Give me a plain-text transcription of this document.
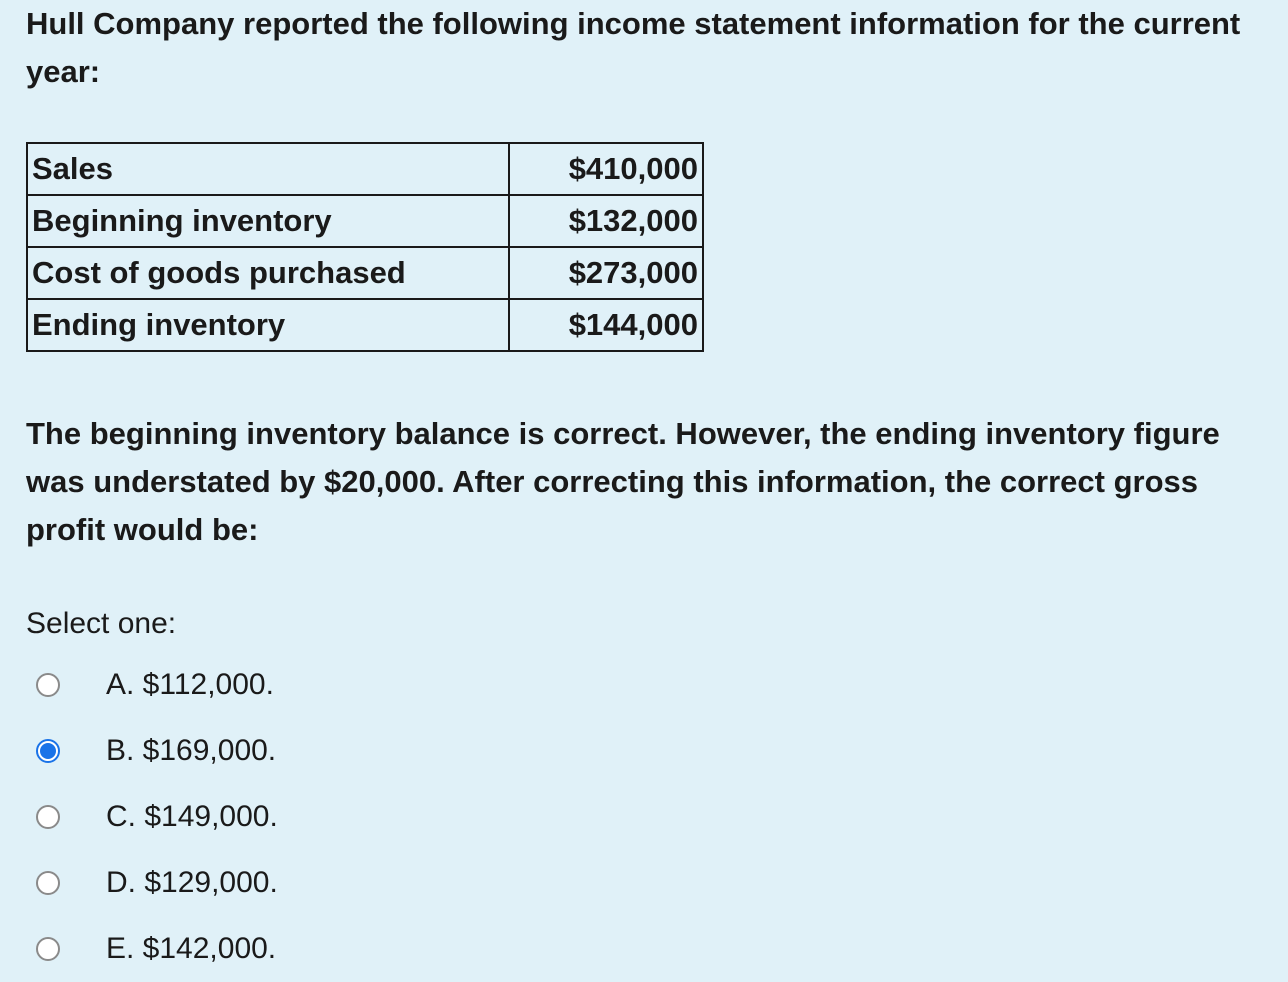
Hull Company reported the following income statement information for the current year:

Sales	$410,000
Beginning inventory	$132,000
Cost of goods purchased	$273,000
Ending inventory	$144,000

The beginning inventory balance is correct. However, the ending inventory figure was understated by $20,000. After correcting this information, the correct gross profit would be:

Select one:

A. $112,000.
B. $169,000.
C. $149,000.
D. $129,000.
E. $142,000.
